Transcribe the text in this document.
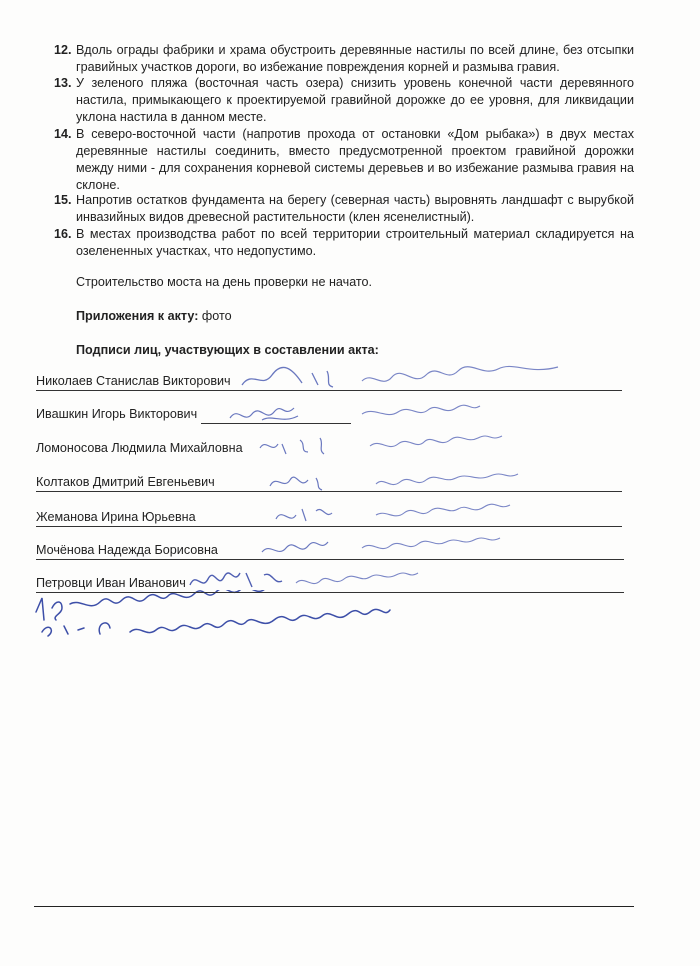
12. Вдоль ограды фабрики и храма обустроить деревянные настилы по всей длине, без отсыпки гравийных участков дороги, во избежание повреждения корней и размыва гравия.
13. У зеленого пляжа (восточная часть озера) снизить уровень конечной части деревянного настила, примыкающего к проектируемой гравийной дорожке до ее уровня, для ликвидации уклона настила в данном месте.
14. В северо-восточной части (напротив прохода от остановки «Дом рыбака») в двух местах деревянные настилы соединить, вместо предусмотренной проектом гравийной дорожки между ними - для сохранения корневой системы деревьев и во избежание размыва гравия на склоне.
15. Напротив остатков фундамента на берегу (северная часть) выровнять ландшафт с вырубкой инвазийных видов древесной растительности (клен ясенелистный).
16. В местах производства работ по всей территории строительный материал складируется на озелененных участках, что недопустимо.
Строительство моста на день проверки не начато.
Приложения к акту: фото
Подписи лиц, участвующих в составлении акта:
Николаев Станислав Викторович
Ивашкин Игорь Викторович
Ломоносова Людмила Михайловна
Колтаков Дмитрий Евгеньевич
Жеманова Ирина Юрьевна
Мочёнова Надежда Борисовна
Петровци Иван Иванович
